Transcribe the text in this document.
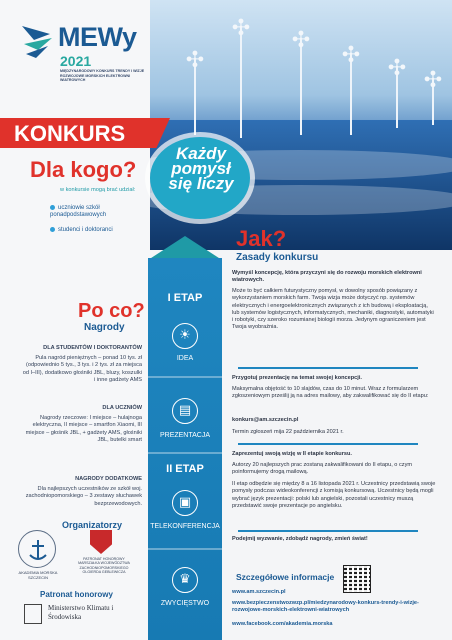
✣ ✣
✣
✣ ✣
✣
MEWy
2021
MIĘDZYNARODOWY KONKURS TRENDY I WIZJE ROZWOJOWE MORSKICH ELEKTROWNI WIATROWYCH
KONKURS
Dla kogo?
w konkursie mogą brać udział:
uczniowie szkół ponadpodstawowych
studenci i doktoranci
Po co?
Nagrody
DLA STUDENTÓW I DOKTORANTÓW
Pula nagród pieniężnych – ponad 10 tys. zł (odpowiednio 5 tys., 3 tys. i 2 tys. zł za miejsca od I–III), dodatkowo głośniki JBL, bluzy, koszulki i inne gadżety AMS
DLA UCZNIÓW
Nagrody rzeczowe: I miejsce – hulajnoga elektryczna, II miejsce – smartfon Xiaomi, III miejsce – głośnik JBL, + gadżety AMS, głośniki JBL, butelki smart
NAGRODY DODATKOWE
Dla najlepszych uczestników ze szkół woj. zachodniopomorskiego – 3 zestawy słuchawek bezprzewodowych.
Organizatorzy
AKADEMIA MORSKA SZCZECIN
PATRONAT HONOROWY MARSZAŁKA WOJEWÓDZTWA ZACHODNIOPOMORSKIEGO OLGIERDA GEBLEWICZA
Patronat honorowy
Ministerstwo Klimatu i Środowiska
Każdy pomysł się liczy
I ETAP
☀
IDEA
▤
PREZENTACJA
II ETAP
▣
TELEKONFERENCJA
♛
ZWYCIĘSTWO
Jak?
Zasady konkursu
Wymyśl koncepcję, która przyczyni się do rozwoju morskich elektrowni wiatrowych.
Może to być całkiem futurystyczny pomysł, w dowolny sposób powiązany z wykorzystaniem morskich farm. Twoja wizja może dotyczyć np. systemów elektrycznych i energoelektronicznych związanych z ich budową i eksploatacją, lub systemów logistycznych, informatycznych, mechaniki, diagnostyki, automatyki i robotyki, czy szeroko rozumianej biologii morza. Jedynym ograniczeniem jest Twoja wyobraźnia.
Przygotuj prezentację na temat swojej koncepcji.
Maksymalna objętość to 10 slajdów, czas do 10 minut. Wraz z formularzem zgłoszeniowym prześlij ją na adres mailowy, aby zakwalifikować się do II etapu:
konkurs@am.szczecin.pl
Termin zgłoszeń mija 22 października 2021 r.
Zaprezentuj swoją wizję w II etapie konkursu.
Autorzy 20 najlepszych prac zostaną zakwalifikowani do II etapu, o czym poinformujemy drogą mailową.
II etap odbędzie się między 8 a 16 listopada 2021 r. Uczestnicy przedstawią swoje pomysły podczas wideokonferencji z komisją konkursową. Uczestnicy będą mogli wybrać język prezentacji: polski lub angielski, pozostali uczestnicy muszą przedstawić swoje prezentacje po angielsku.
Podejmij wyzwanie, zdobądź nagrody, zmień świat!
Szczegółowe informacje
www.am.szczecin.pl
www.bezpieczenstwozwzp.pl/miedzynarodowy-konkurs-trendy-i-wizje-rozwojowe-morskich-elektrowni-wiatrowych
www.facebook.com/akademia.morska
